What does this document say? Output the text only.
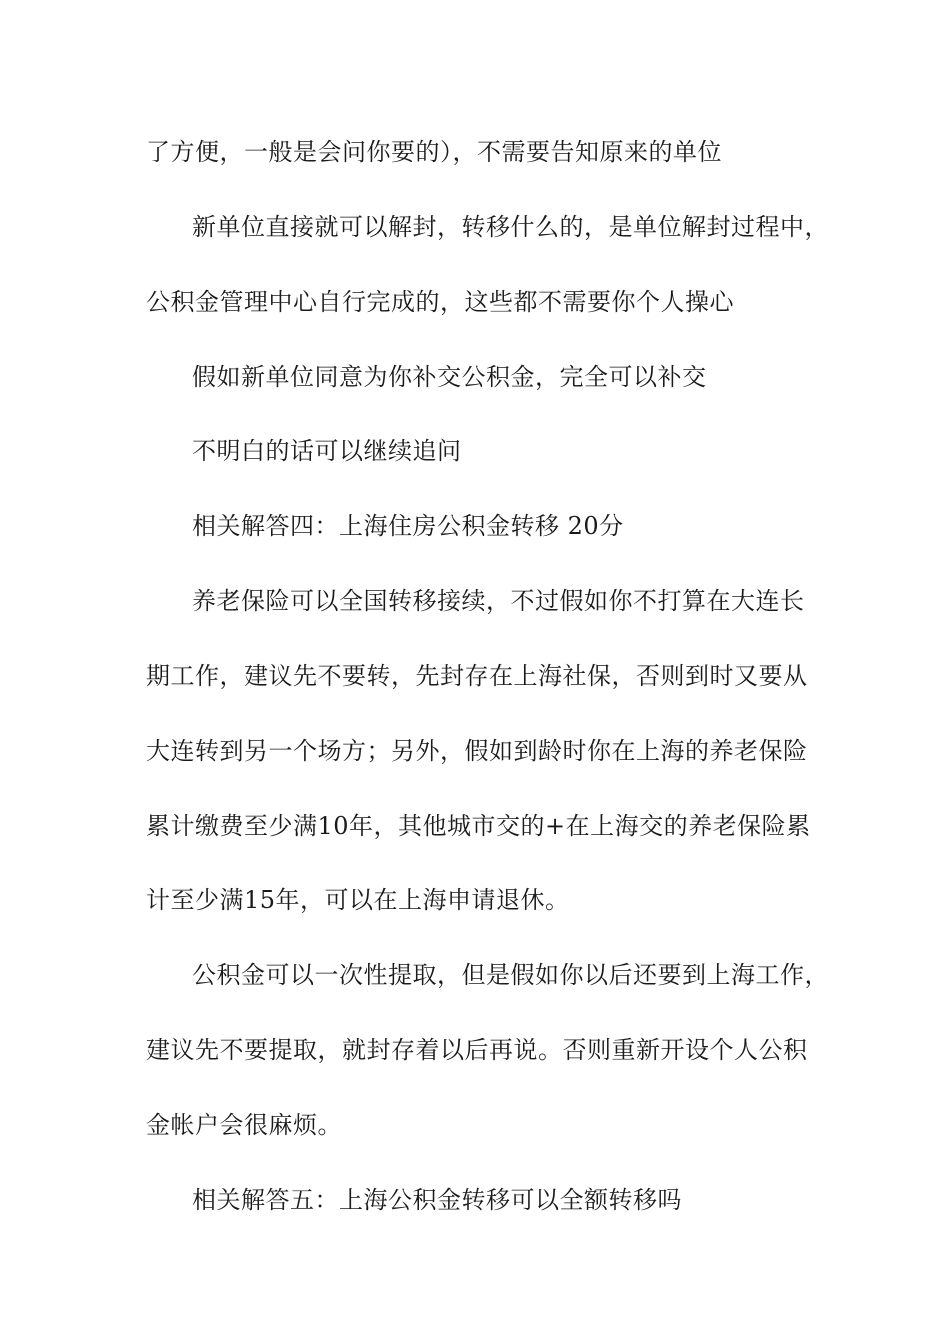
了方便，一般是会问你要的），不需要告知原来的单位
新单位直接就可以解封，转移什么的，是单位解封过程中，
公积金管理中心自行完成的，这些都不需要你个人操心
假如新单位同意为你补交公积金，完全可以补交
不明白的话可以继续追问
相关解答四：上海住房公积金转移 20分
养老保险可以全国转移接续，不过假如你不打算在大连长
期工作，建议先不要转，先封存在上海社保，否则到时又要从
大连转到另一个场方；另外，假如到龄时你在上海的养老保险
累计缴费至少满10年，其他城市交的+在上海交的养老保险累
计至少满15年，可以在上海申请退休。
公积金可以一次性提取，但是假如你以后还要到上海工作，
建议先不要提取，就封存着以后再说。否则重新开设个人公积
金帐户会很麻烦。
相关解答五：上海公积金转移可以全额转移吗
